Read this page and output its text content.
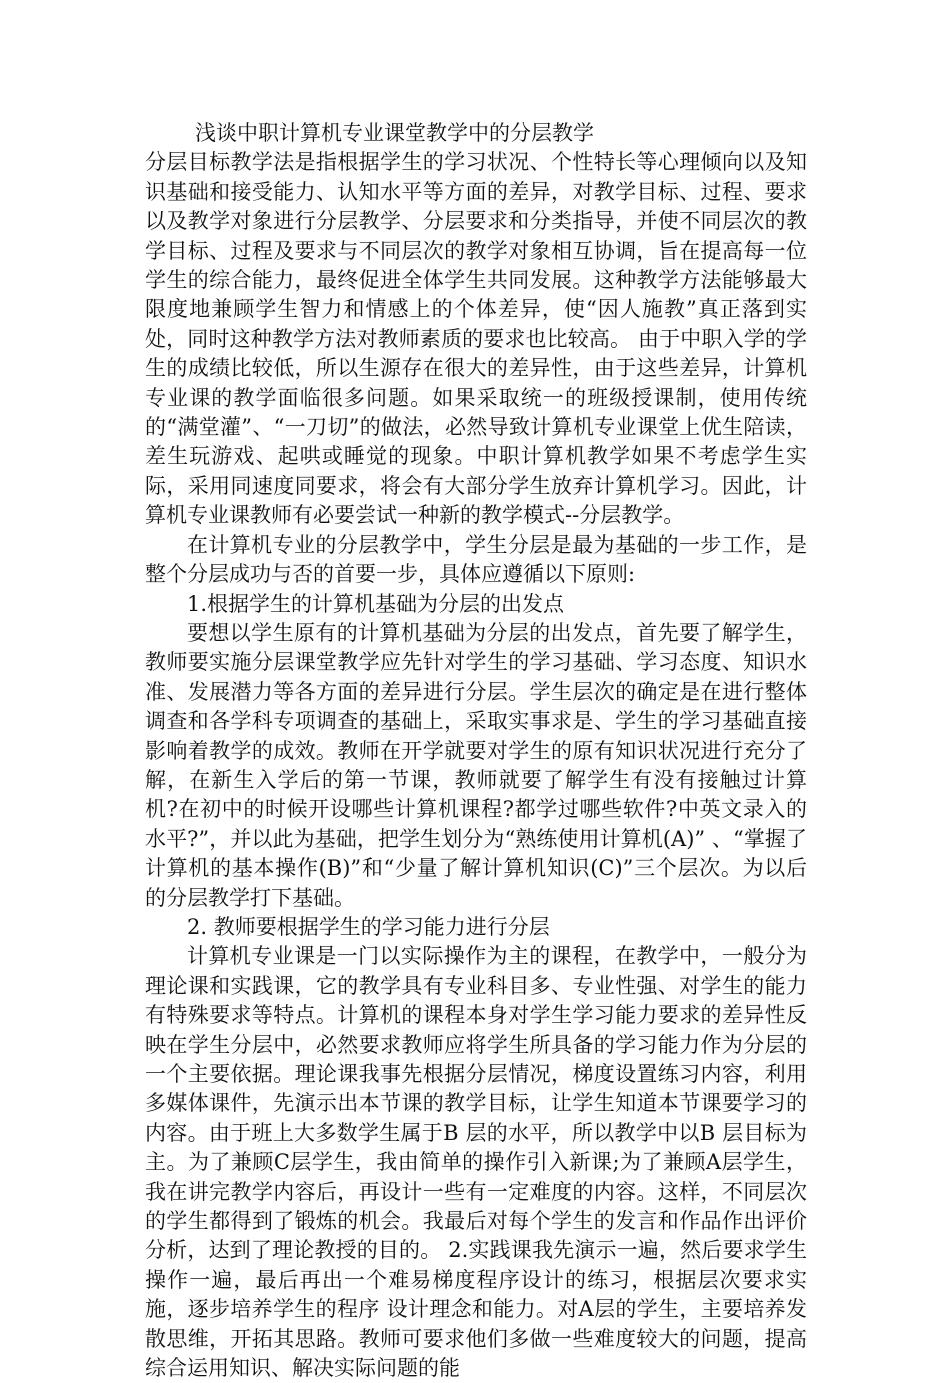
浅谈中职计算机专业课堂教学中的分层教学

分层目标教学法是指根据学生的学习状况、个性特长等心理倾向以及知识基础和接受能力、认知水平等方面的差异，对教学目标、过程、要求以及教学对象进行分层教学、分层要求和分类指导，并使不同层次的教学目标、过程及要求与不同层次的教学对象相互协调，旨在提高每一位学生的综合能力，最终促进全体学生共同发展。这种教学方法能够最大限度地兼顾学生智力和情感上的个体差异，使“因人施教”真正落到实处，同时这种教学方法对教师素质的要求也比较高。 由于中职入学的学生的成绩比较低，所以生源存在很大的差异性，由于这些差异，计算机专业课的教学面临很多问题。如果采取统一的班级授课制，使用传统的“满堂灌”、“一刀切”的做法，必然导致计算机专业课堂上优生陪读，差生玩游戏、起哄或睡觉的现象。中职计算机教学如果不考虑学生实际，采用同速度同要求，将会有大部分学生放弃计算机学习。因此，计算机专业课教师有必要尝试一种新的教学模式--分层教学。

在计算机专业的分层教学中，学生分层是最为基础的一步工作，是整个分层成功与否的首要一步，具体应遵循以下原则:

1.根据学生的计算机基础为分层的出发点

要想以学生原有的计算机基础为分层的出发点，首先要了解学生，教师要实施分层课堂教学应先针对学生的学习基础、学习态度、知识水准、发展潜力等各方面的差异进行分层。学生层次的确定是在进行整体调查和各学科专项调查的基础上，采取实事求是、学生的学习基础直接影响着教学的成效。教师在开学就要对学生的原有知识状况进行充分了解，在新生入学后的第一节课，教师就要了解学生有没有接触过计算机?在初中的时候开设哪些计算机课程?都学过哪些软件?中英文录入的水平?”，并以此为基础，把学生划分为“熟练使用计算机(A)” 、“掌握了计算机的基本操作(B)”和“少量了解计算机知识(C)”三个层次。为以后的分层教学打下基础。

2. 教师要根据学生的学习能力进行分层

计算机专业课是一门以实际操作为主的课程，在教学中，一般分为理论课和实践课，它的教学具有专业科目多、专业性强、对学生的能力有特殊要求等特点。计算机的课程本身对学生学习能力要求的差异性反映在学生分层中，必然要求教师应将学生所具备的学习能力作为分层的一个主要依据。理论课我事先根据分层情况，梯度设置练习内容，利用多媒体课件，先演示出本节课的教学目标，让学生知道本节课要学习的内容。由于班上大多数学生属于B 层的水平，所以教学中以B 层目标为主。为了兼顾C层学生，我由简单的操作引入新课;为了兼顾A层学生，我在讲完教学内容后，再设计一些有一定难度的内容。这样，不同层次的学生都得到了锻炼的机会。我最后对每个学生的发言和作品作出评价分析，达到了理论教授的目的。 2.实践课我先演示一遍，然后要求学生操作一遍，最后再出一个难易梯度程序设计的练习，根据层次要求实施，逐步培养学生的程序 设计理念和能力。对A层的学生，主要培养发散思维，开拓其思路。教师可要求他们多做一些难度较大的问题，提高综合运用知识、解决实际问题的能
